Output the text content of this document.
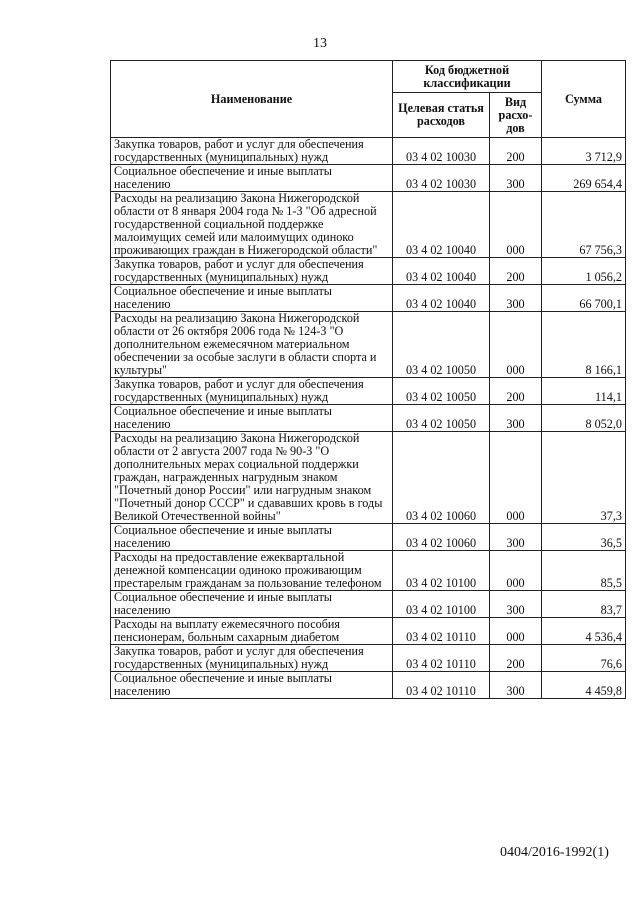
13
Наименование	Код бюджетной классификации		Сумма
	Целевая статья расходов	Вид расхо-дов	
Закупка товаров, работ и услуг для обеспечения государственных (муниципальных) нужд	03 4 02 10030	200	3 712,9
Социальное обеспечение и иные выплаты населению	03 4 02 10030	300	269 654,4
Расходы на реализацию Закона Нижегородской области от 8 января 2004 года № 1-З "Об адресной государственной социальной поддержке малоимущих семей или малоимущих одиноко проживающих граждан в Нижегородской области"	03 4 02 10040	000	67 756,3
Закупка товаров, работ и услуг для обеспечения государственных (муниципальных) нужд	03 4 02 10040	200	1 056,2
Социальное обеспечение и иные выплаты населению	03 4 02 10040	300	66 700,1
Расходы на реализацию Закона Нижегородской области от 26 октября 2006 года № 124-З "О дополнительном ежемесячном материальном обеспечении за особые заслуги в области спорта и культуры"	03 4 02 10050	000	8 166,1
Закупка товаров, работ и услуг для обеспечения государственных (муниципальных) нужд	03 4 02 10050	200	114,1
Социальное обеспечение и иные выплаты населению	03 4 02 10050	300	8 052,0
Расходы на реализацию Закона Нижегородской области от 2 августа 2007 года № 90-З "О дополнительных мерах социальной поддержки граждан, награжденных нагрудным знаком "Почетный донор России" или нагрудным знаком "Почетный донор СССР" и сдававших кровь в годы Великой Отечественной войны"	03 4 02 10060	000	37,3
Социальное обеспечение и иные выплаты населению	03 4 02 10060	300	36,5
Расходы на предоставление ежеквартальной денежной компенсации одиноко проживающим престарелым гражданам за пользование телефоном	03 4 02 10100	000	85,5
Социальное обеспечение и иные выплаты населению	03 4 02 10100	300	83,7
Расходы на выплату ежемесячного пособия пенсионерам, больным сахарным диабетом	03 4 02 10110	000	4 536,4
Закупка товаров, работ и услуг для обеспечения государственных (муниципальных) нужд	03 4 02 10110	200	76,6
Социальное обеспечение и иные выплаты населению	03 4 02 10110	300	4 459,8
0404/2016-1992(1)
